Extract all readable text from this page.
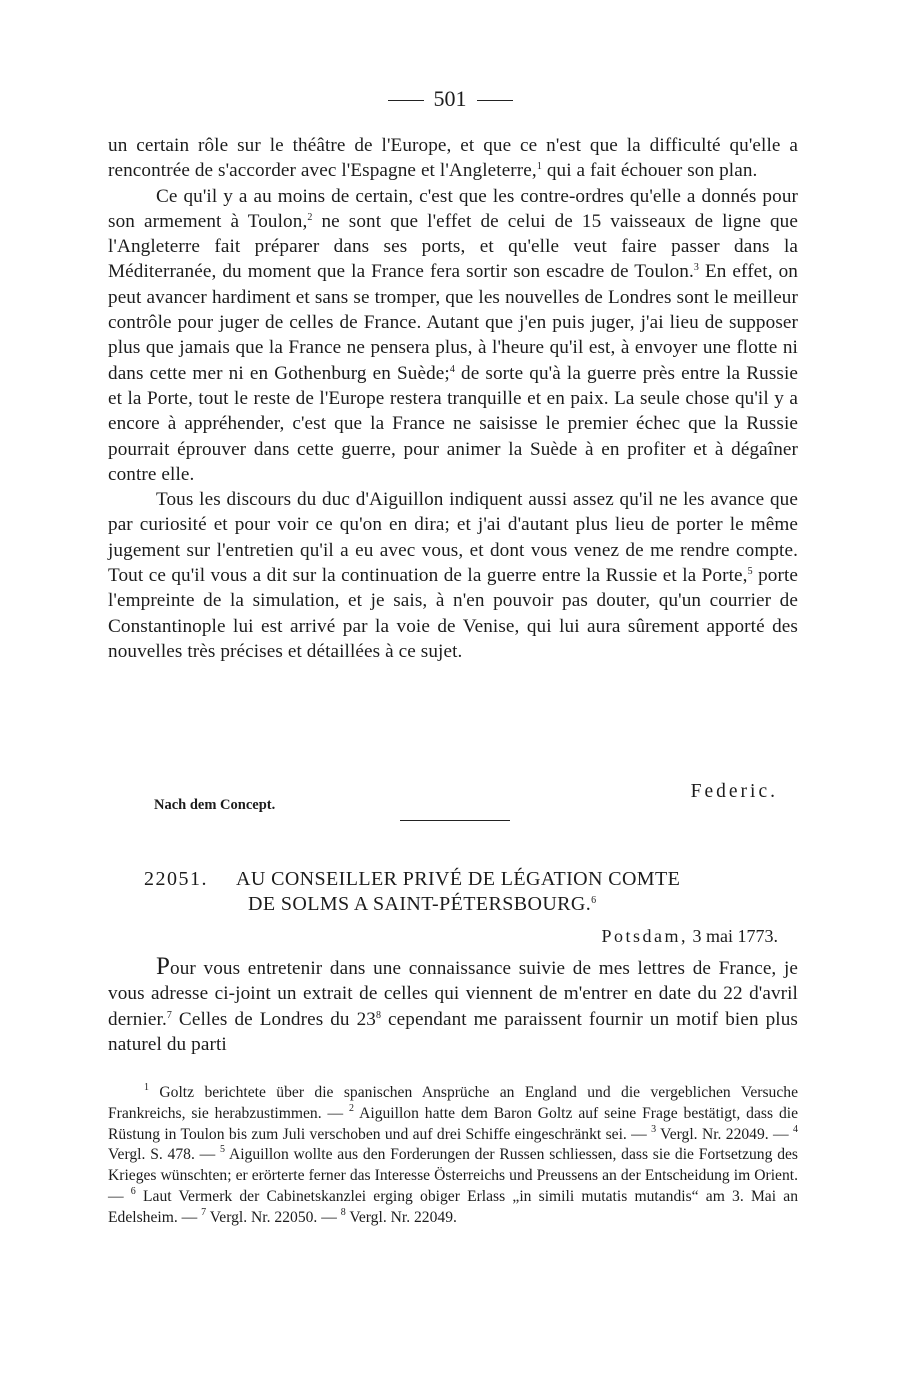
501

un certain rôle sur le théâtre de l'Europe, et que ce n'est que la difficulté qu'elle a rencontrée de s'accorder avec l'Espagne et l'Angleterre,$^1$ qui a fait échouer son plan.

Ce qu'il y a au moins de certain, c'est que les contre-ordres qu'elle a donnés pour son armement à Toulon,$^2$ ne sont que l'effet de celui de 15 vaisseaux de ligne que l'Angleterre fait préparer dans ses ports, et qu'elle veut faire passer dans la Méditerranée, du moment que la France fera sortir son escadre de Toulon.$^3$ En effet, on peut avancer hardiment et sans se tromper, que les nouvelles de Londres sont le meilleur contrôle pour juger de celles de France. Autant que j'en puis juger, j'ai lieu de supposer plus que jamais que la France ne pensera plus, à l'heure qu'il est, à envoyer une flotte ni dans cette mer ni en Gothenburg en Suède;$^4$ de sorte qu'à la guerre près entre la Russie et la Porte, tout le reste de l'Europe restera tranquille et en paix. La seule chose qu'il y a encore à appréhender, c'est que la France ne saisisse le premier échec que la Russie pourrait éprouver dans cette guerre, pour animer la Suède à en profiter et à dégaîner contre elle.

Tous les discours du duc d'Aiguillon indiquent aussi assez qu'il ne les avance que par curiosité et pour voir ce qu'on en dira; et j'ai d'autant plus lieu de porter le même jugement sur l'entretien qu'il a eu avec vous, et dont vous venez de me rendre compte. Tout ce qu'il vous a dit sur la continuation de la guerre entre la Russie et la Porte,$^5$ porte l'empreinte de la simulation, et je sais, à n'en pouvoir pas douter, qu'un courrier de Constantinople lui est arrivé par la voie de Venise, qui lui aura sûrement apporté des nouvelles très précises et détaillées à ce sujet.

Federic.
Nach dem Concept.
22051. AU CONSEILLER PRIVÉ DE LÉGATION COMTE
DE SOLMS A SAINT-PÉTERSBOURG.$^6$
Potsdam, 3 mai 1773.

Pour vous entretenir dans une connaissance suivie de mes lettres de France, je vous adresse ci-joint un extrait de celles qui viennent de m'entrer en date du 22 d'avril dernier.$^7$ Celles de Londres du $23^8$ cependant me paraissent fournir un motif bien plus naturel du parti

$^1$ Goltz berichtete über die spanischen Ansprüche an England und die vergeblichen Versuche Frankreichs, sie herabzustimmen. — $^2$ Aiguillon hatte dem Baron Goltz auf seine Frage bestätigt, dass die Rüstung in Toulon bis zum Juli verschoben und auf drei Schiffe eingeschränkt sei. — $^3$ Vergl. Nr. 22049. — $^4$ Vergl. S. 478. — $^5$ Aiguillon wollte aus den Forderungen der Russen schliessen, dass sie die Fortsetzung des Krieges wünschten; er erörterte ferner das Interesse Österreichs und Preussens an der Entscheidung im Orient. — $^6$ Laut Vermerk der Cabinetskanzlei erging obiger Erlass „in simili mutatis mutandis“ am 3. Mai an Edelsheim. — $^7$ Vergl. Nr. 22050. — $^8$ Vergl. Nr. 22049.
